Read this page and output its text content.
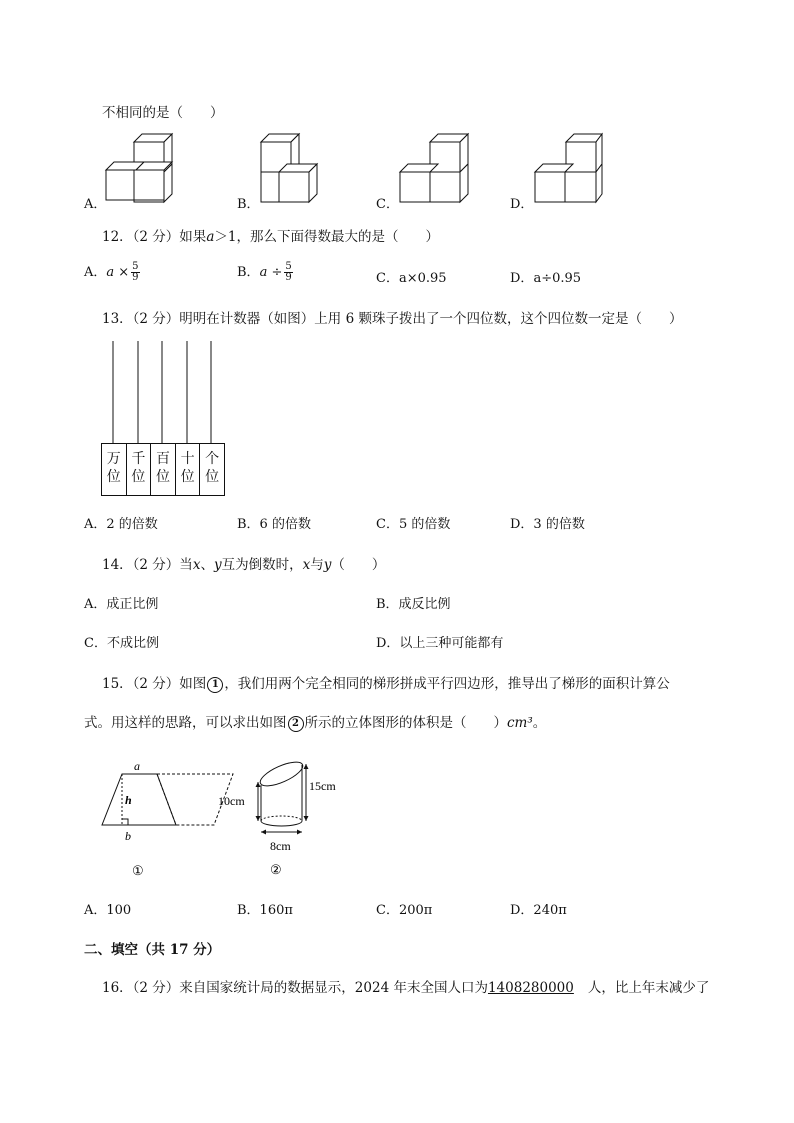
不相同的是（　　）
A．	B．	C．	D．
12．（2 分）如果a＞1，那么下面得数最大的是（　　）
A．$a \times \frac{5}{9}$	B．$a \div \frac{5}{9}$	C．a×0.95	D．a÷0.95
13．（2 分）明明在计数器（如图）上用 6 颗珠子拨出了一个四位数，这个四位数一定是（　　）
万
位
千
位
百
位
十
位
个
位
A．2 的倍数	B．6 的倍数	C．5 的倍数	D．3 的倍数
14．（2 分）当x、y互为倒数时，x与y（　　）
A．成正比例	B．成反比例
C．不成比例	D．以上三种可能都有
15．（2 分）如图 1 ，我们用两个完全相同的梯形拼成平行四边形，推导出了梯形的面积计算公
式。用这样的思路，可以求出如图 2 所示的立体图形的体积是（　　）cm³。
a
h
b
①
10cm
15cm
8cm
②
A．100	B．160π	C．200π	D．240π
二、填空（共 17 分）
16．（2 分）来自国家统计局的数据显示，2024 年末全国人口为1408280000 人，比上年末减少了
